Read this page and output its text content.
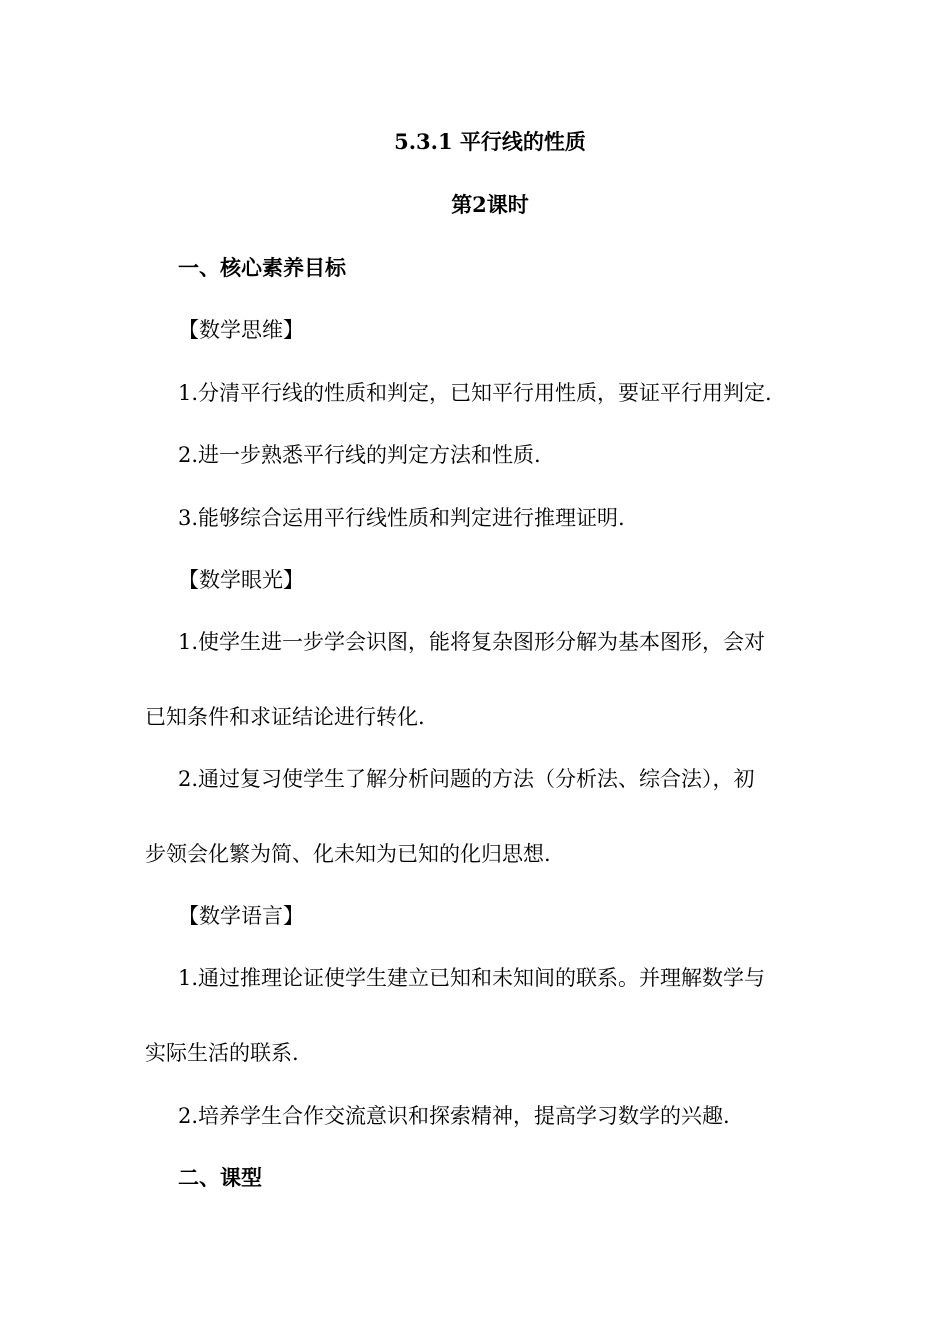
5.3.1 平行线的性质
第2课时
一、核心素养目标
【数学思维】
1.分清平行线的性质和判定，已知平行用性质，要证平行用判定.
2.进一步熟悉平行线的判定方法和性质.
3.能够综合运用平行线性质和判定进行推理证明.
【数学眼光】
1.使学生进一步学会识图，能将复杂图形分解为基本图形，会对
已知条件和求证结论进行转化.
2.通过复习使学生了解分析问题的方法（分析法、综合法），初
步领会化繁为简、化未知为已知的化归思想.
【数学语言】
1.通过推理论证使学生建立已知和未知间的联系。并理解数学与
实际生活的联系.
2.培养学生合作交流意识和探索精神，提高学习数学的兴趣.
二、课型
